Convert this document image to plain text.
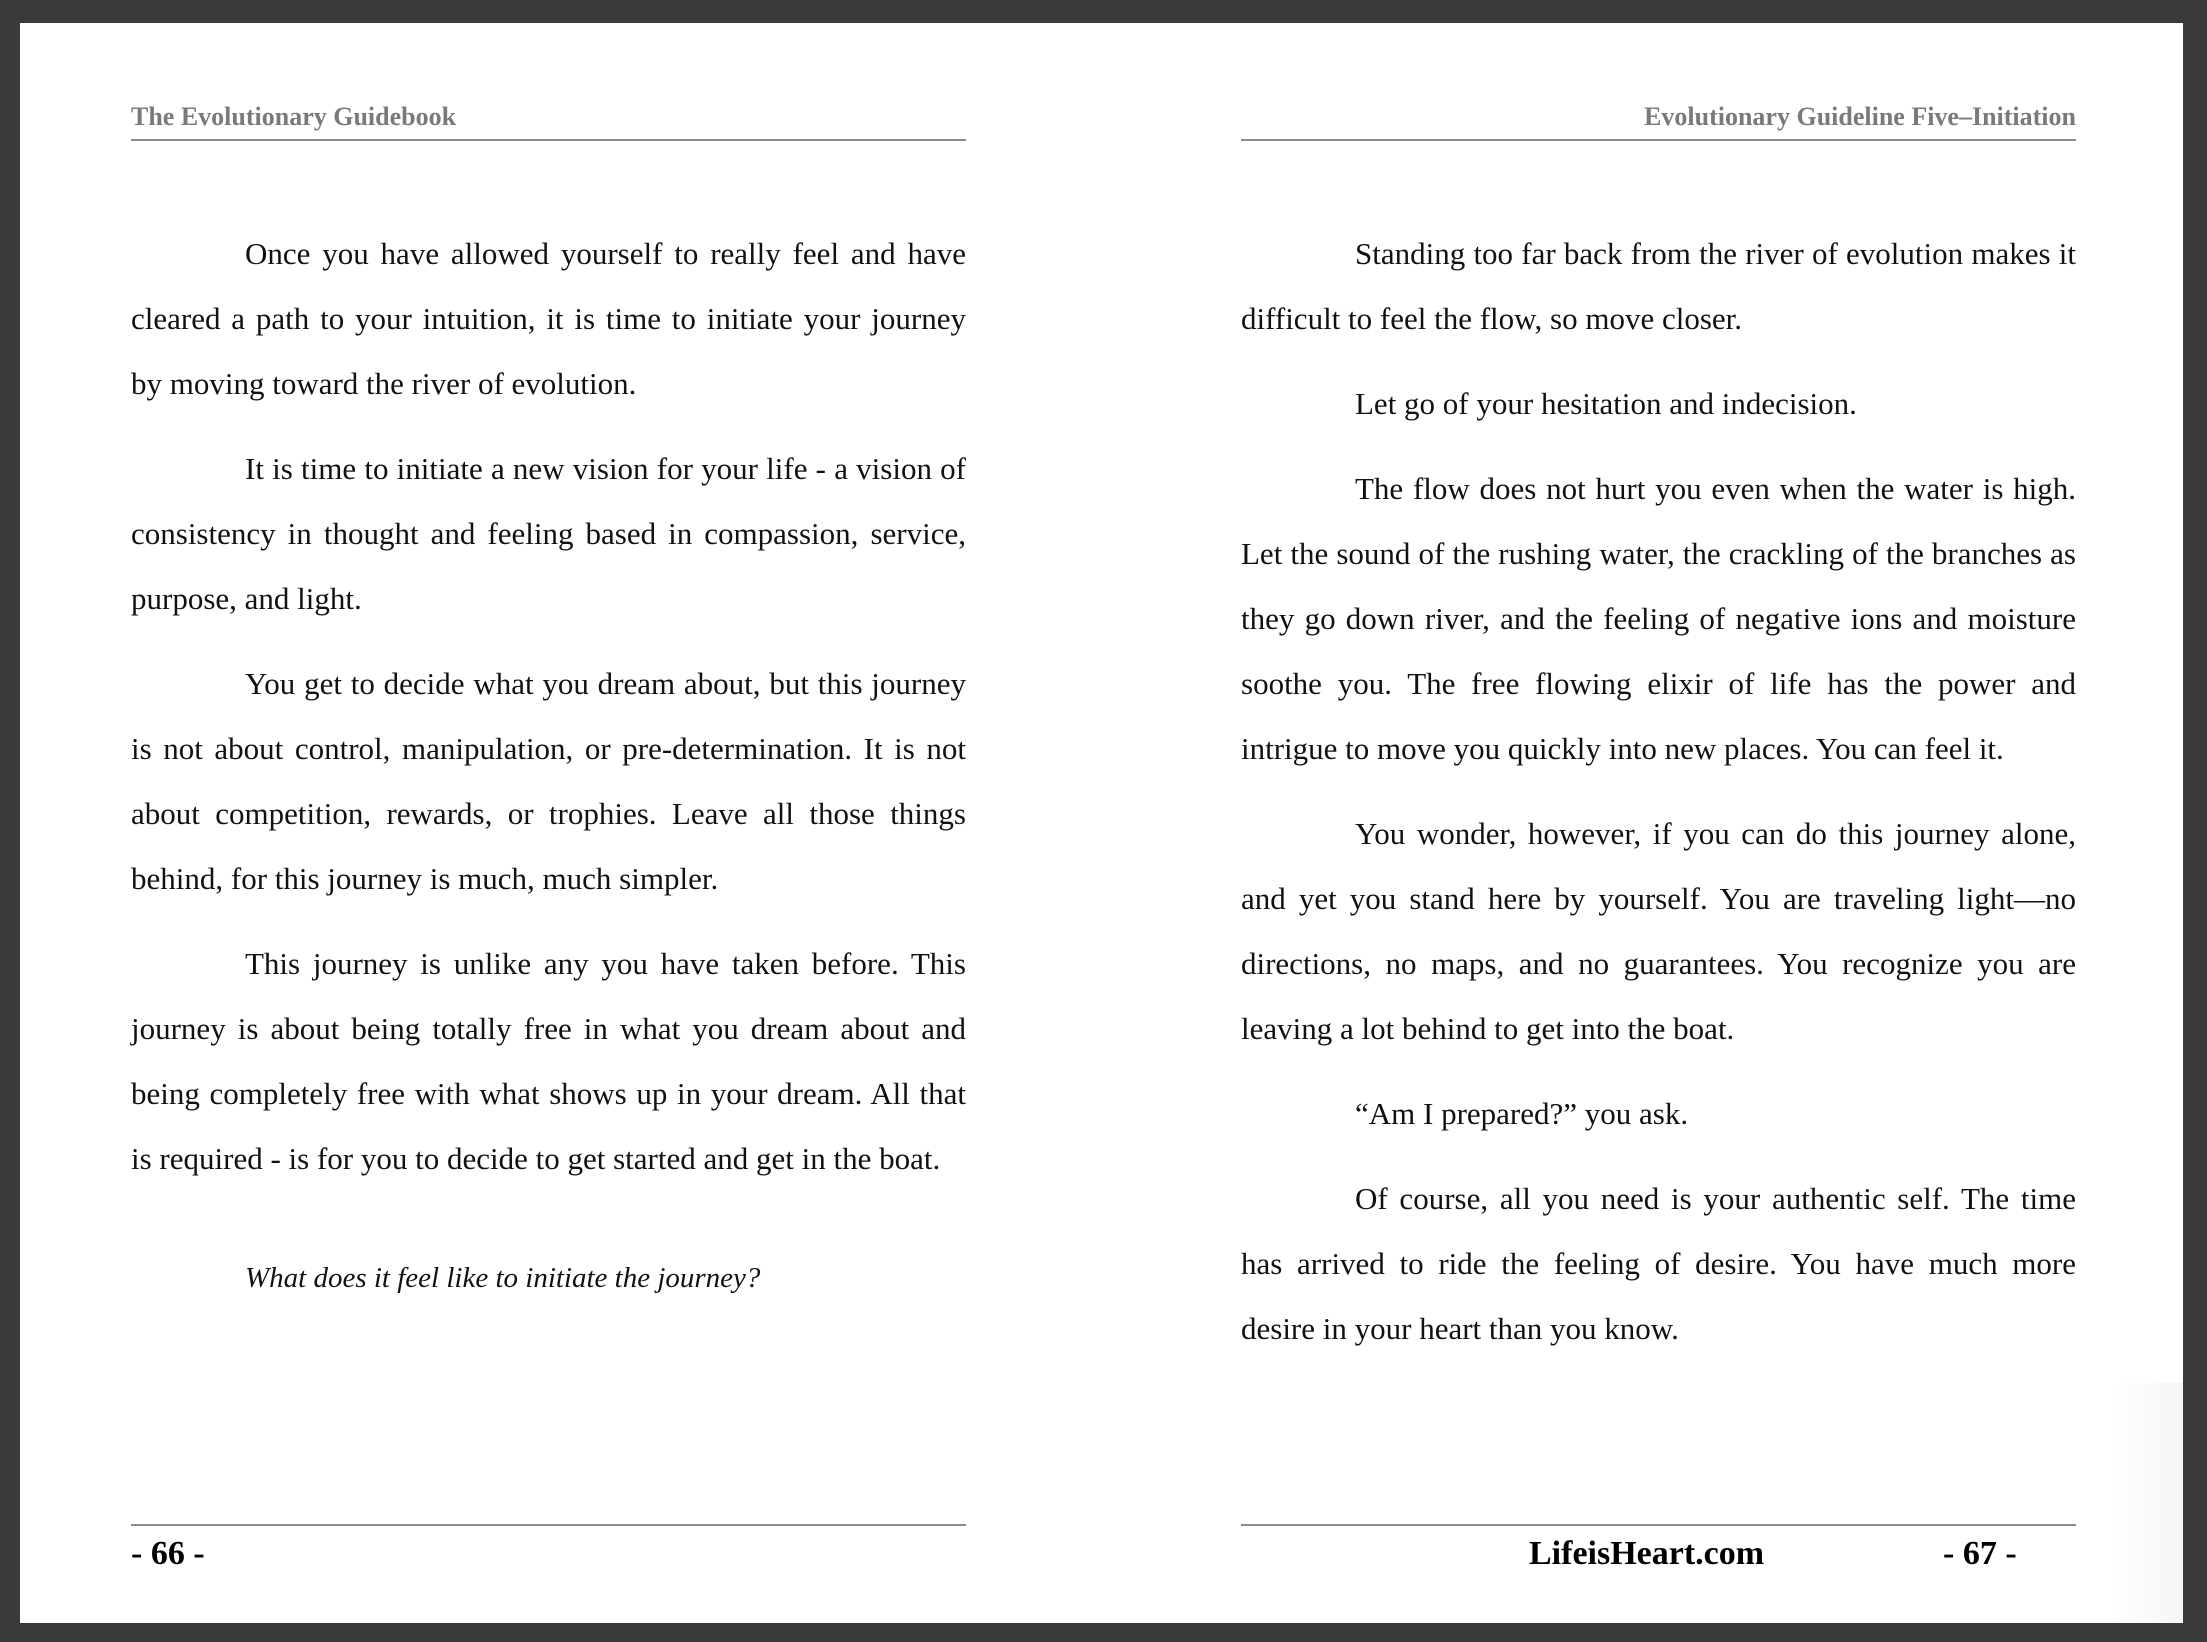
The Evolutionary Guidebook

Once you have allowed yourself to really feel and have cleared a path to your intuition, it is time to initiate your journey by moving toward the river of evolution.

It is time to initiate a new vision for your life - a vision of consistency in thought and feeling based in compassion, service, purpose, and light.

You get to decide what you dream about, but this journey is not about control, manipulation, or pre-determination. It is not about competition, rewards, or trophies. Leave all those things behind, for this journey is much, much simpler.

This journey is unlike any you have taken before. This journey is about being totally free in what you dream about and being completely free with what shows up in your dream. All that is required - is for you to decide to get started and get in the boat.

What does it feel like to initiate the journey?

- 66 -
Evolutionary Guideline Five–Initiation

Standing too far back from the river of evolution makes it difficult to feel the flow, so move closer.

Let go of your hesitation and indecision.

The flow does not hurt you even when the water is high. Let the sound of the rushing water, the crackling of the branches as they go down river, and the feeling of negative ions and moisture soothe you. The free flowing elixir of life has the power and intrigue to move you quickly into new places. You can feel it.

You wonder, however, if you can do this journey alone, and yet you stand here by yourself. You are traveling light—no directions, no maps, and no guarantees. You recognize you are leaving a lot behind to get into the boat.

“Am I prepared?” you ask.

Of course, all you need is your authentic self. The time has arrived to ride the feeling of desire. You have much more desire in your heart than you know.

LifeisHeart.com	- 67 -
